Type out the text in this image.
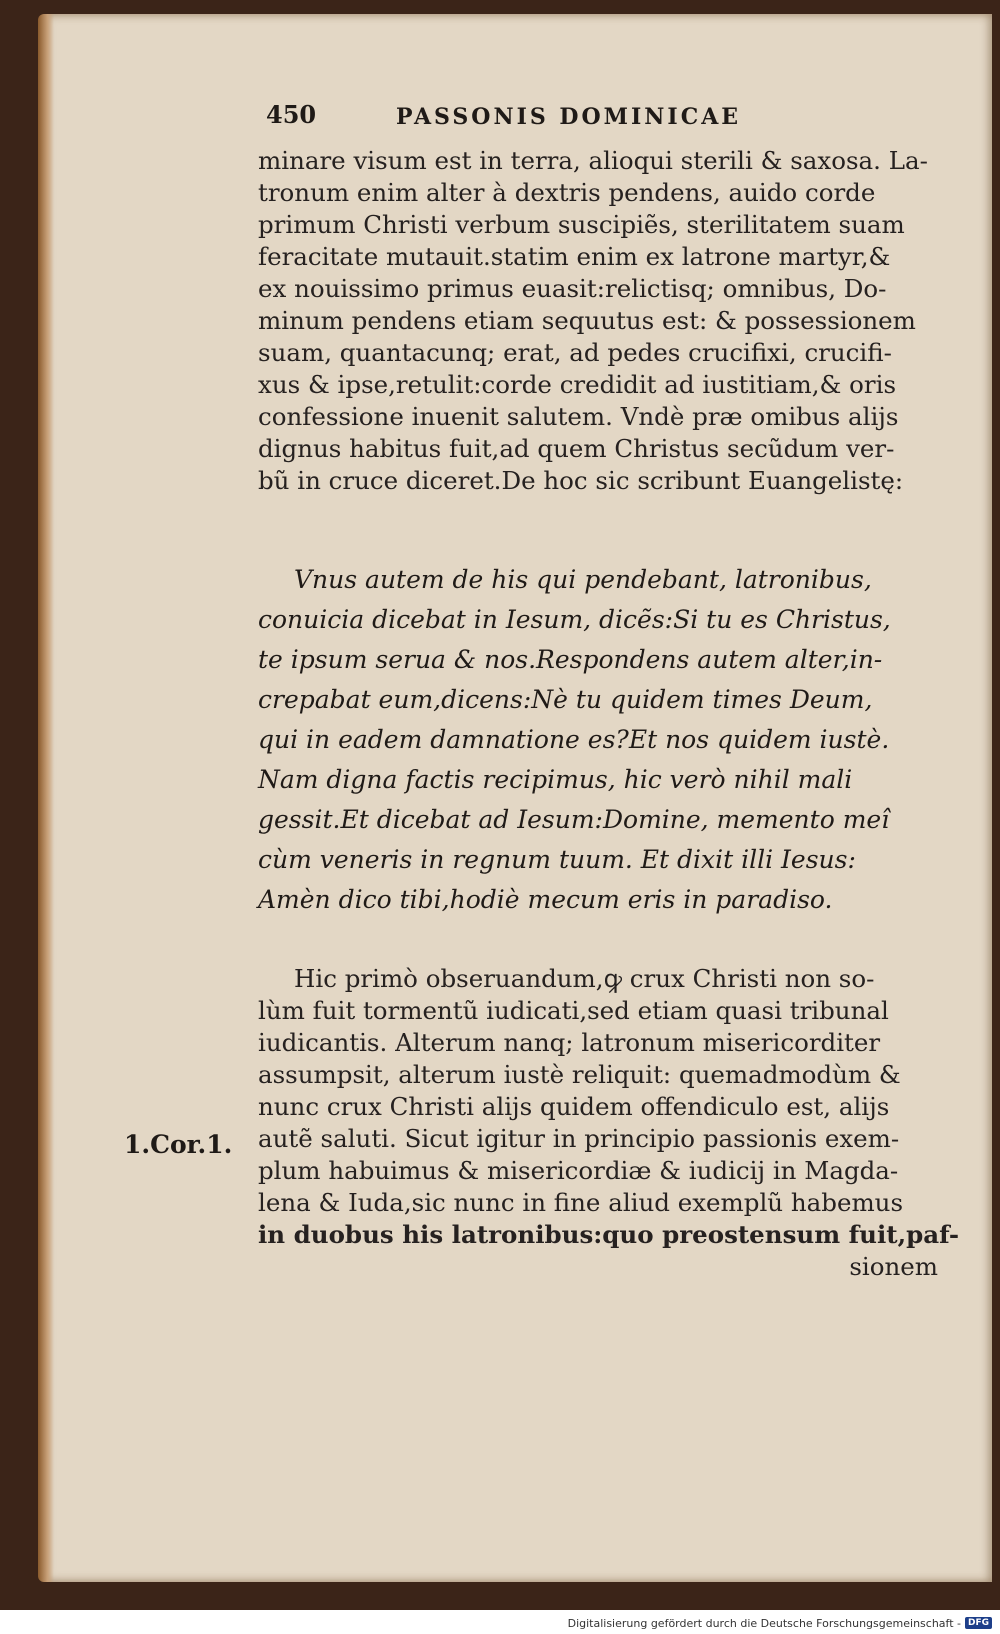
450	PASSONIS DOMINICAE
minare visum est in terra, alioqui sterili & saxosa. La-
tronum enim alter à dextris pendens, auido corde
primum Christi verbum suscipiẽs, sterilitatem suam
feracitate mutauit.statim enim ex latrone martyr,&
ex nouissimo primus euasit:relictisq; omnibus, Do-
minum pendens etiam sequutus est: & possessionem
suam, quantacunq; erat, ad pedes crucifixi, crucifi-
xus & ipse,retulit:corde credidit ad iustitiam,& oris
confessione inuenit salutem. Vndè præ omibus alijs
dignus habitus fuit,ad quem Christus secũdum ver-
bũ in cruce diceret.De hoc sic scribunt Euangelistę:
Vnus autem de his qui pendebant, latronibus,
conuicia dicebat in Iesum, dicẽs:Si tu es Christus,
te ipsum serua & nos.Respondens autem alter,in-
crepabat eum,dicens:Nè tu quidem times Deum,
qui in eadem damnatione es?Et nos quidem iustè.
Nam digna factis recipimus, hic verò nihil mali
gessit.Et dicebat ad Iesum:Domine, memento meî
cùm veneris in regnum tuum. Et dixit illi Iesus:
Amèn dico tibi,hodiè mecum eris in paradiso.
Hic primò obseruandum,ꝙ crux Christi non so-
lùm fuit tormentũ iudicati,sed etiam quasi tribunal
iudicantis. Alterum nanq; latronum misericorditer
assumpsit, alterum iustè reliquit: quemadmodùm &
nunc crux Christi alijs quidem offendiculo est, alijs
autẽ saluti. Sicut igitur in principio passionis exem-
plum habuimus & misericordiæ & iudicij in Magda-
lena & Iuda,sic nunc in fine aliud exemplũ habemus
in duobus his latronibus:quo preostensum fuit,paf-
sionem
1.Cor.1.
Digitalisierung gefördert durch die Deutsche Forschungsgemeinschaft - DFG
